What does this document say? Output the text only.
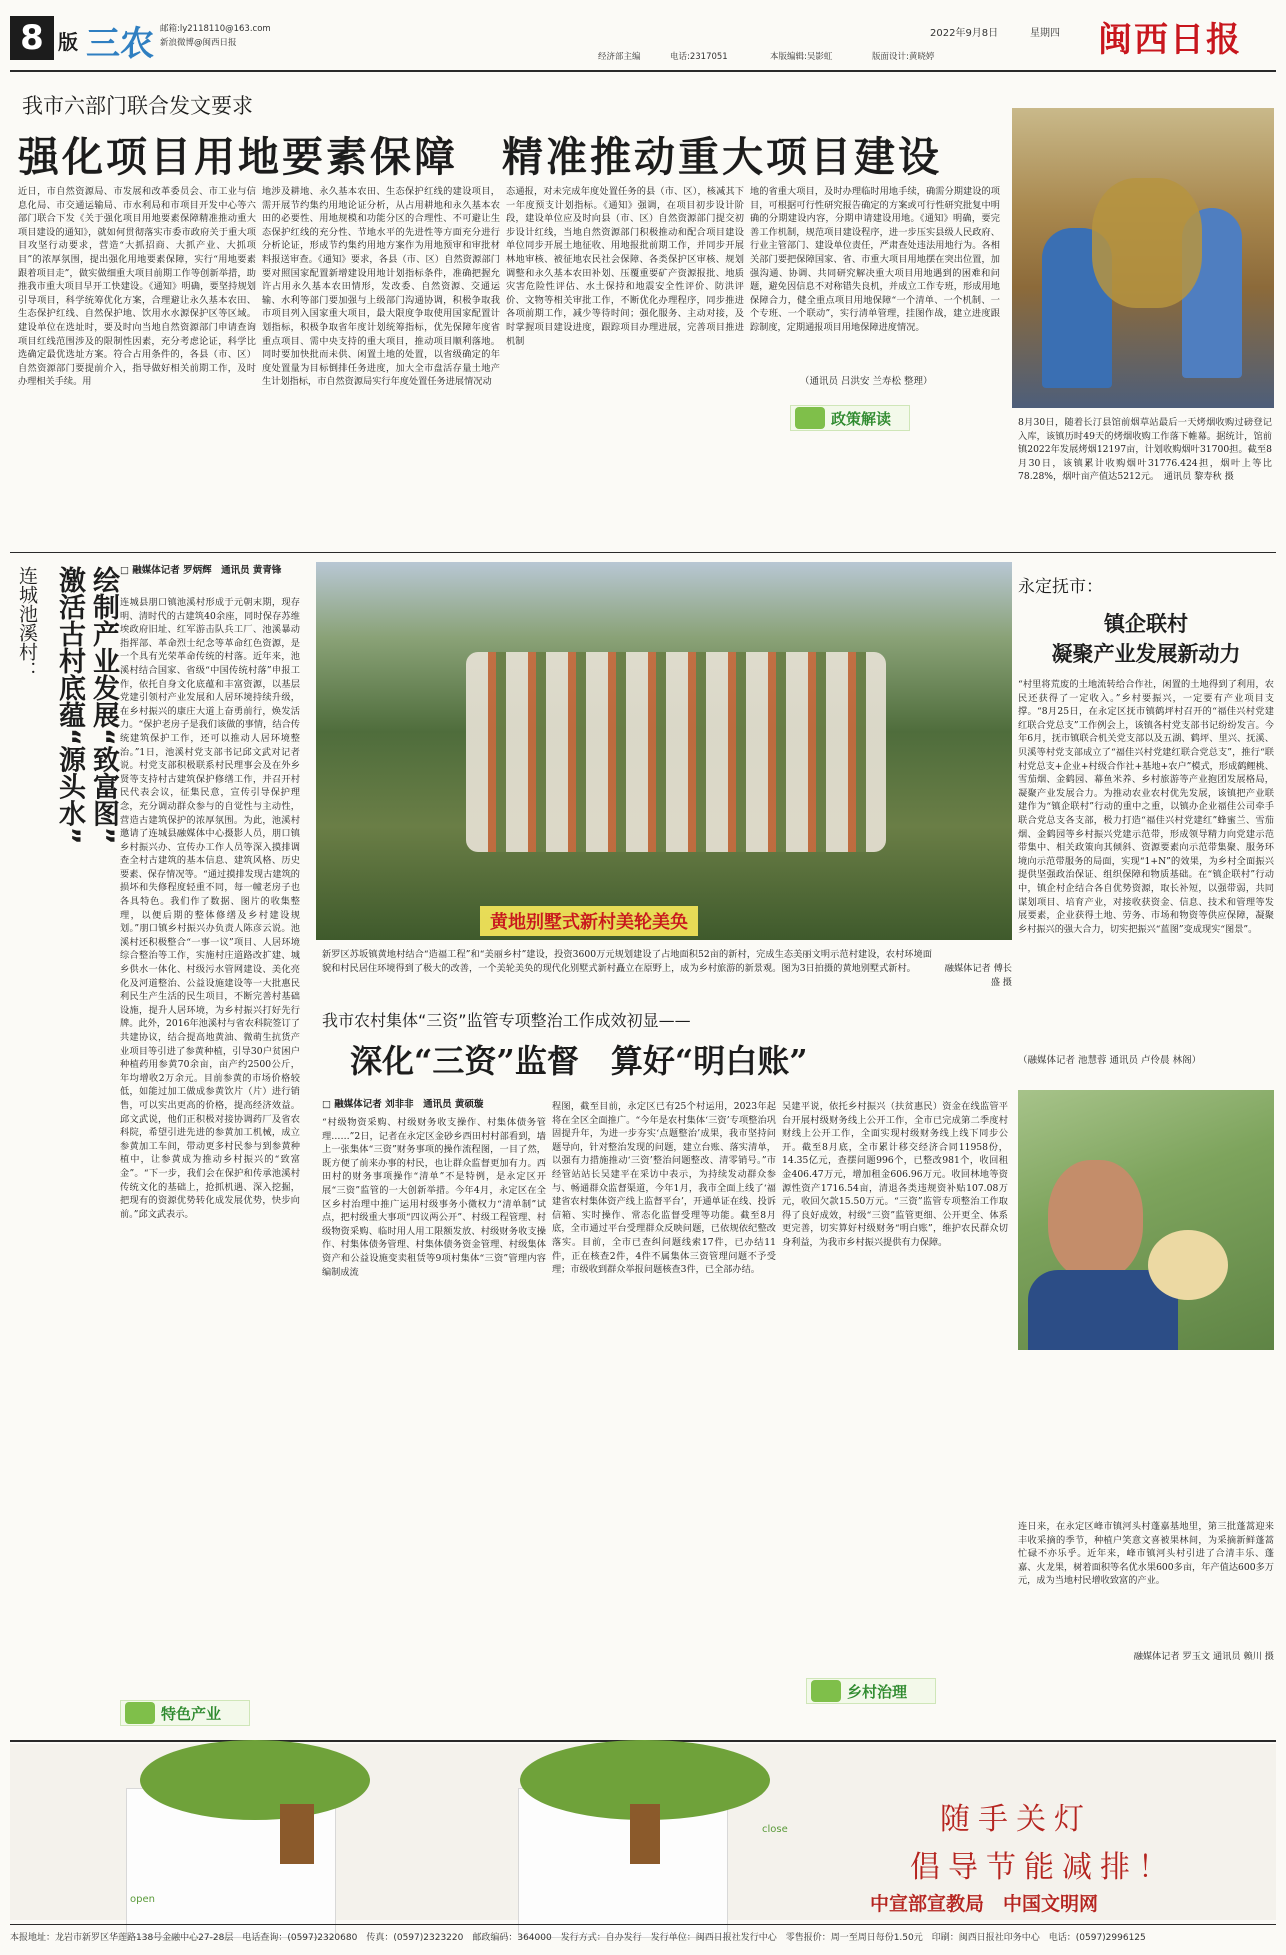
8 版 三农 邮箱:ly2118110@163.com
新浪微博@闽西日报
经济部主编	电话:2317051	本版编辑:吴影虹	版面设计:黄晓婷
2022年9月8日	星期四 闽西日报
我市六部门联合发文要求
强化项目用地要素保障　精准推动重大项目建设
近日，市自然资源局、市发展和改革委员会、市工业与信息化局、市交通运输局、市水利局和市项目开发中心等六部门联合下发《关于强化项目用地要素保障精准推动重大项目建设的通知》，就如何贯彻落实市委市政府关于重大项目攻坚行动要求，营造“大抓招商、大抓产业、大抓项目”的浓厚氛围，提出强化用地要素保障，实行“用地要素跟着项目走”，做实做细重大项目前期工作等创新举措，助推我市重大项目早开工快建设。《通知》明确，要坚持规划引导项目，科学统筹优化方案，合理避让永久基本农田、生态保护红线、自然保护地、饮用水水源保护区等区域。建设单位在选址时，要及时向当地自然资源部门申请查询项目红线范围涉及的限制性因素，充分考虑论证，科学比选确定最优选址方案。符合占用条件的，各县（市、区）自然资源部门要提前介入，指导做好相关前期工作，及时办理相关手续。用
地涉及耕地、永久基本农田、生态保护红线的建设项目，需开展节约集约用地论证分析，从占用耕地和永久基本农田的必要性、用地规模和功能分区的合理性、不可避让生态保护红线的充分性、节地水平的先进性等方面充分进行分析论证，形成节约集约用地方案作为用地预审和审批材料报送审查。《通知》要求，各县（市、区）自然资源部门要对照国家配置新增建设用地计划指标条件，准确把握允许占用永久基本农田情形，发改委、自然资源、交通运输、水利等部门要加强与上级部门沟通协调，积极争取我市项目列入国家重大项目，最大限度争取使用国家配置计划指标，积极争取省年度计划统筹指标，优先保障年度省重点项目、需中央支持的重大项目，推动项目顺利落地。同时要加快批而未供、闲置土地的处置，以省级确定的年度处置量为目标倒排任务进度，加大全市盘活存量土地产生计划指标，市自然资源局实行年度处置任务进展情况动
态通报，对未完成年度处置任务的县（市、区），核减其下一年度预支计划指标。《通知》强调，在项目初步设计阶段，建设单位应及时向县（市、区）自然资源部门提交初步设计红线，当地自然资源部门积极推动和配合项目建设单位同步开展土地征收、用地报批前期工作，并同步开展林地审核、被征地农民社会保障、各类保护区审核、规划调整和永久基本农田补划、压覆重要矿产资源报批、地质灾害危险性评估、水土保持和地震安全性评价、防洪评价、文物等相关审批工作，不断优化办理程序，同步推进各项前期工作，减少等待时间；强化服务、主动对接，及时掌握项目建设进度，跟踪项目办理进展，完善项目推进机制
地的省重大项目，及时办理临时用地手续，确需分期建设的项目，可根据可行性研究报告确定的方案或可行性研究批复中明确的分期建设内容，分期申请建设用地。《通知》明确，要完善工作机制，规范项目建设程序，进一步压实县级人民政府、行业主管部门、建设单位责任，严肃查处违法用地行为。各相关部门要把保障国家、省、市重大项目用地摆在突出位置，加强沟通、协调、共同研究解决重大项目用地遇到的困难和问题，避免因信息不对称错失良机，并成立工作专班，形成用地保障合力，健全重点项目用地保障“一个清单、一个机制、一个专班、一个联动”，实行清单管理，挂图作战，建立进度跟踪制度，定期通报项目用地保障进度情况。
（通讯员 吕洪安 兰寿松 整理）
政策解读	8月30日，随着长汀县馆前烟草站最后一天烤烟收购过磅登记入库，该镇历时49天的烤烟收购工作落下帷幕。据统计，馆前镇2022年发展烤烟12197亩，计划收购烟叶31700担。截至8月30日，该镇累计收购烟叶31776.424担，烟叶上等比78.28%，烟叶亩产值达5212元。　通讯员 黎寿秋 摄
连城池溪村： 绘制产业发展“致富图”
激活古村底蕴“源头水”	□ 融媒体记者 罗炳辉　通讯员 黄青锋
连城县朋口镇池溪村形成于元朝末期，现存明、清时代的古建筑40余座，同时保存苏维埃政府旧址、红军游击队兵工厂、池溪暴动指挥部、革命烈士纪念等革命红色资源，是一个具有光荣革命传统的村落。近年来，池溪村结合国家、省级“中国传统村落”申报工作，依托自身文化底蕴和丰富资源，以基层党建引领村产业发展和人居环境持续升级，在乡村振兴的康庄大道上奋勇前行，焕发活力。“保护老房子是我们该做的事情，结合传统建筑保护工作，还可以推动人居环境整治。”1日，池溪村党支部书记邱文武对记者说。村党支部积极联系村民理事会及在外乡贤等支持村古建筑保护修缮工作，并召开村民代表会议，征集民意，宣传引导保护理念，充分调动群众参与的自觉性与主动性，营造古建筑保护的浓厚氛围。为此，池溪村邀请了连城县融媒体中心摄影人员，朋口镇乡村振兴办、宣传办工作人员等深入摸排调查全村古建筑的基本信息、建筑风格、历史要素、保存情况等。“通过摸排发现古建筑的损坏和失修程度轻重不同，每一幢老房子也各具特色。我们作了数据、图片的收集整理，以便后期的整体修缮及乡村建设规划。”朋口镇乡村振兴办负责人陈彦云说。池溪村还积极整合“一事一议”项目、人居环境综合整治等工作，实施村庄道路改扩建、城乡供水一体化、村级污水管网建设、美化亮化及河道整治、公益设施建设等一大批惠民利民生产生活的民生项目，不断完善村基础设施，提升人居环境，为乡村振兴打好先行牌。此外，2016年池溪村与省农科院签订了共建协议，结合提高地黄油、微萌生抗货产业项目等引进了参黄种植，引导30户贫困户种植药用参黄70余亩，亩产约2500公斤，年均增收2万余元。目前参黄的市场价格较低，如能过加工做成参黄饮片（片）进行销售，可以实出更高的价格，提高经济效益。邱文武说，他们正积极对接协调药厂及省农科院，希望引进先进的参黄加工机械，成立参黄加工车间，带动更多村民参与到参黄种植中，让参黄成为推动乡村振兴的“致富金”。“下一步，我们会在保护和传承池溪村传统文化的基础上，抢抓机遇、深入挖掘，把现有的资源优势转化成发展优势，快步向前。”邱文武表示。
特色产业
黄地别墅式新村美轮美奂
新罗区苏坂镇黄地村结合“造福工程”和“美丽乡村”建设，投资3600万元规划建设了占地面积52亩的新村，完成生态美丽文明示范村建设，农村环境面貌和村民居住环境得到了极大的改善，一个美轮美奂的现代化别墅式新村矗立在原野上，成为乡村旅游的新景观。图为3日拍摄的黄地别墅式新村。	融媒体记者 傅长盛 摄
永定抚市：
镇企联村
凝聚产业发展新动力
“村里将荒废的土地流转给合作社，闲置的土地得到了利用，农民还获得了一定收入。”乡村要振兴，一定要有产业项目支撑。“8月25日，在永定区抚市镇鹤坪村召开的“福佳兴村党建红联合党总支”工作例会上，该镇各村党支部书记纷纷发言。今年6月，抚市镇联合机关党支部以及五湖、鹤坪、里兴、抚溪、贝溪等村党支部成立了“福佳兴村党建红联合党总支”，推行“联村党总支+企业+村级合作社+基地+农户”模式，形成鹤鲤桃、雪茄烟、金鹤园、幕鱼米养、乡村旅游等产业抱团发展格局，凝聚产业发展合力。为推动农业农村优先发展，该镇把产业联建作为“镇企联村”行动的重中之重，以镇办企业福佳公司牵手联合党总支各支部，极力打造“福佳兴村党建红”蜂蜜兰、雪茄烟、金鹤园等乡村振兴党建示范带，形成领导精力向党建示范带集中、相关政策向其倾斜、资源要素向示范带集聚、服务环境向示范带服务的局面，实现“1+N”的效果，为乡村全面振兴提供坚强政治保证、组织保障和物质基础。在“镇企联村”行动中，镇企村企结合各自优势资源，取长补短，以强带弱，共同谋划项目、培育产业，对接收获资金、信息、技术和管理等发展要素，企业获得土地、劳务、市场和物资等供应保障，凝聚乡村振兴的强大合力，切实把振兴“蓝图”变成现实“图景”。
（融媒体记者 池慧蓉 通讯员 卢伶晨 林阁）
我市农村集体“三资”监管专项整治工作成效初显——
深化“三资”监督　算好“明白账”
□ 融媒体记者 刘非非　通讯员 黄硕璇
“村级物资采购、村级财务收支操作、村集体债务管理……”2日，记者在永定区金砂乡西田村村部看到，墙上一张集体“三资”财务事项的操作流程图，一目了然，既方便了前来办事的村民，也让群众监督更加有力。西田村的财务事项操作“清单”不是特例，是永定区开展“三资”监管的一大创新举措。今年4月，永定区在全区乡村治理中推广运用村级事务小微权力“清单制”试点，把村级重大事项“四议两公开”、村级工程管理、村级物资采购、临时用人用工限额发放、村级财务收支操作、村集体债务管理、村集体债务资金管理、村级集体资产和公益设施变卖租赁等9项村集体“三资”管理内容编制成流
程图，截至目前，永定区已有25个村运用，2023年起将在全区全面推广。“今年是农村集体‘三资’专项整治巩固提升年，为进一步夯实‘点题整治’成果，我市坚持问题导向，针对整治发现的问题，建立台账、落实清单，以强有力措施推动‘三资’整治问题整改、清零销号。”市经管站站长吴建平在采访中表示，为持续发动群众参与、畅通群众监督渠道，今年1月，我市全面上线了‘福建省农村集体资产线上监督平台’，开通单证在线、投诉信箱、实时操作、常态化监督受理等功能。截至8月底，全市通过平台受理群众反映问题，已依规依纪整改落实。目前，全市已查纠问题线索17件，已办结11件，正在核查2件，4件不属集体三资管理问题不予受理；市级收到群众举报问题核查3件，已全部办结。
吴建平说，依托乡村振兴（扶贫惠民）资金在线监管平台开展村级财务线上公开工作，全市已完成第二季度村财线上公开工作，全面实现村级财务线上线下同步公开。截至8月底，全市累计移交经济合同11958份，14.35亿元，查摆问题996个，已整改981个，收回租金406.47万元，增加租金606.96万元。收回林地等资源性资产1716.54亩，清退各类违规资补贴107.08万元，收回欠款15.50万元。“三资”监管专项整治工作取得了良好成效，村级“三资”监管更细、公开更全、体系更完善，切实算好村级财务“明白账”，维护农民群众切身利益，为我市乡村振兴提供有力保障。
乡村治理
连日来，在永定区峰市镇河头村蓬嘉基地里，第三批蓬蒿迎来丰收采摘的季节，种植户笑意文喜被果林间，为采摘新鲜蓬蒿忙碌不亦乐乎。近年来，峰市镇河头村引进了合清丰乐、蓬嘉、火龙果，树着面积等名优水果600多亩，年产值达600多万元，成为当地村民增收致富的产业。
融媒体记者 罗玉文 通讯员 赖川 摄
open
close	随手关灯
倡导节能减排！
中宣部宣教局　中国文明网
本报地址：龙岩市新罗区华莲路138号金融中心27-28层　电话查询：(0597)2320680　传真：(0597)2323220　邮政编码：364000　发行方式：自办发行　发行单位：闽西日报社发行中心　零售报价：周一至周日每份1.50元　印刷：闽西日报社印务中心　电话：(0597)2996125
